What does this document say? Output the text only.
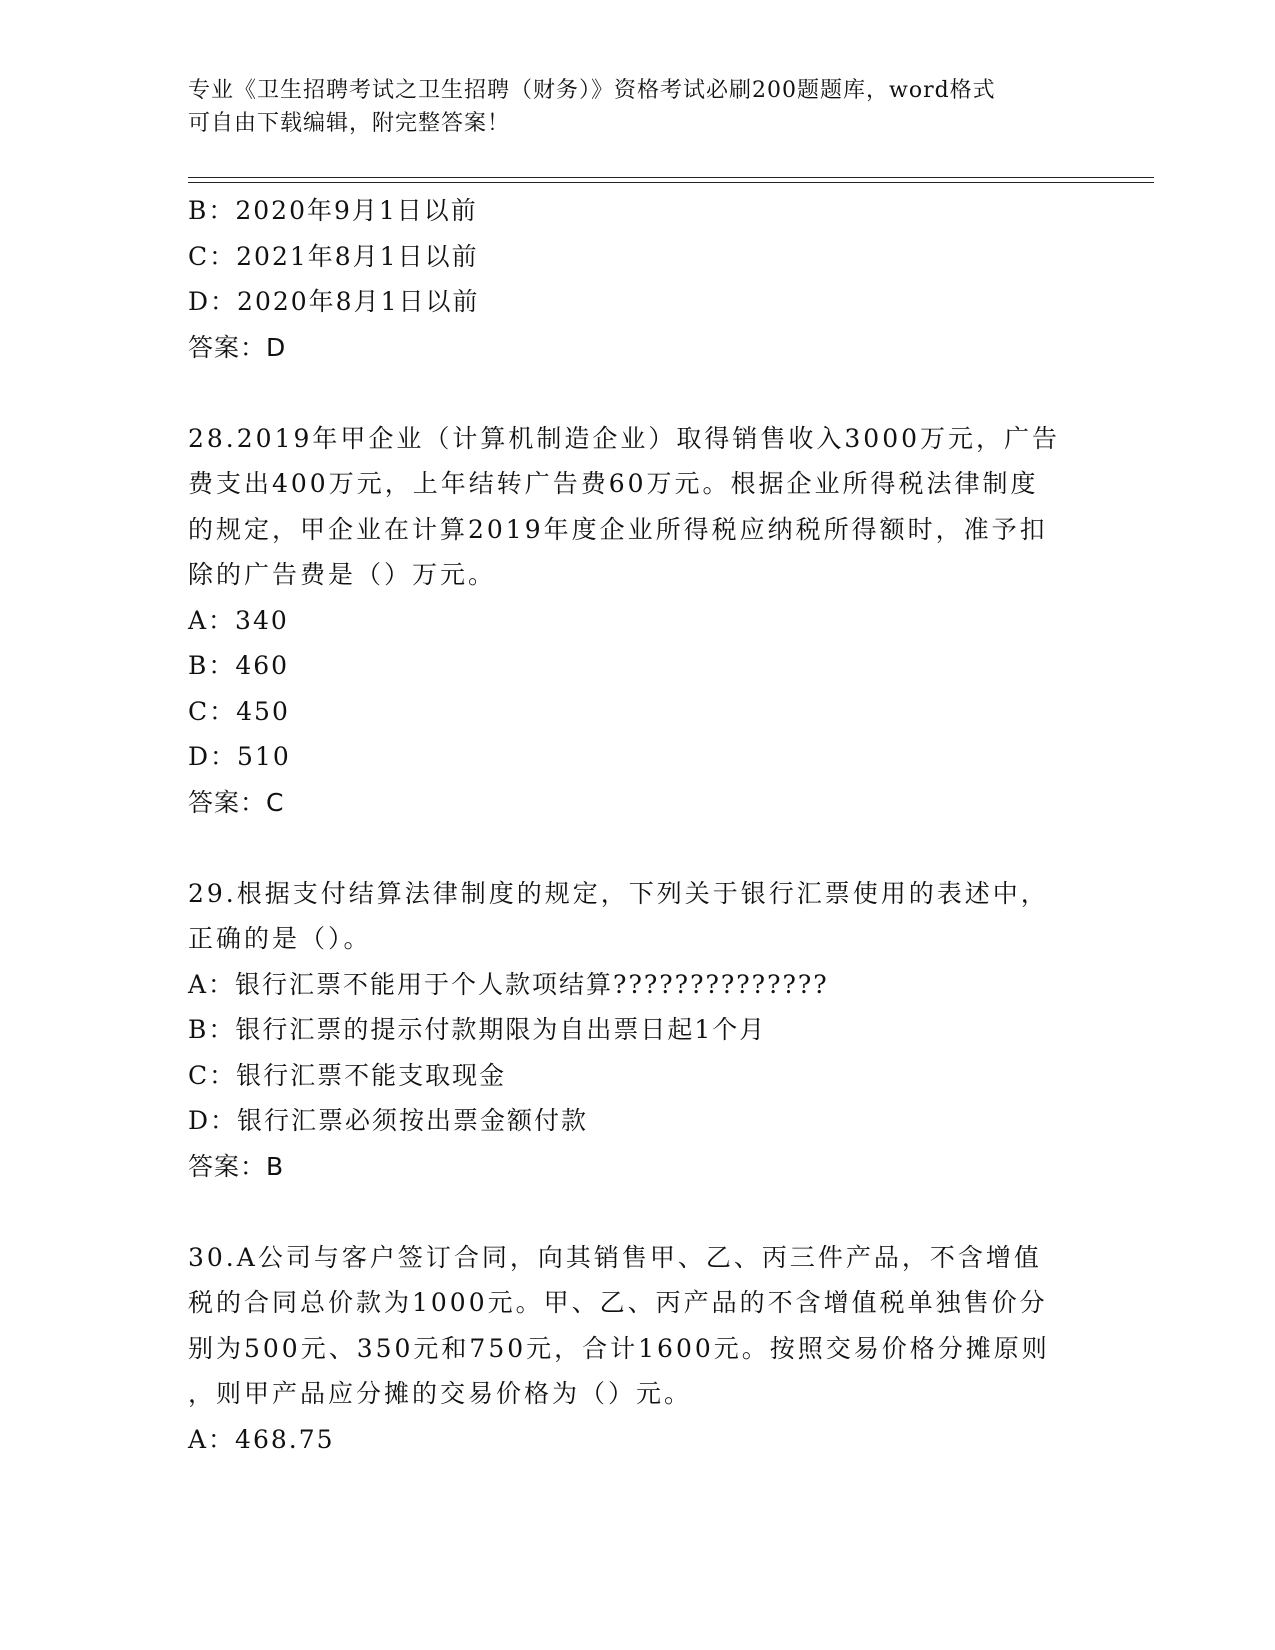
专业《卫生招聘考试之卫生招聘（财务）》资格考试必刷200题题库，word格式
可自由下载编辑，附完整答案！
B：2020年9月1日以前
C：2021年8月1日以前
D：2020年8月1日以前
答案：D
28.2019年甲企业（计算机制造企业）取得销售收入3000万元，广告
费支出400万元，上年结转广告费60万元。根据企业所得税法律制度
的规定，甲企业在计算2019年度企业所得税应纳税所得额时，准予扣
除的广告费是（）万元。
A：340
B：460
C：450
D：510
答案：C
29.根据支付结算法律制度的规定，下列关于银行汇票使用的表述中，
正确的是（）。
A：银行汇票不能用于个人款项结算??????????????
B：银行汇票的提示付款期限为自出票日起1个月
C：银行汇票不能支取现金
D：银行汇票必须按出票金额付款
答案：B
30.A公司与客户签订合同，向其销售甲、乙、丙三件产品，不含增值
税的合同总价款为1000元。甲、乙、丙产品的不含增值税单独售价分
别为500元、350元和750元，合计1600元。按照交易价格分摊原则
，则甲产品应分摊的交易价格为（）元。
A：468.75
